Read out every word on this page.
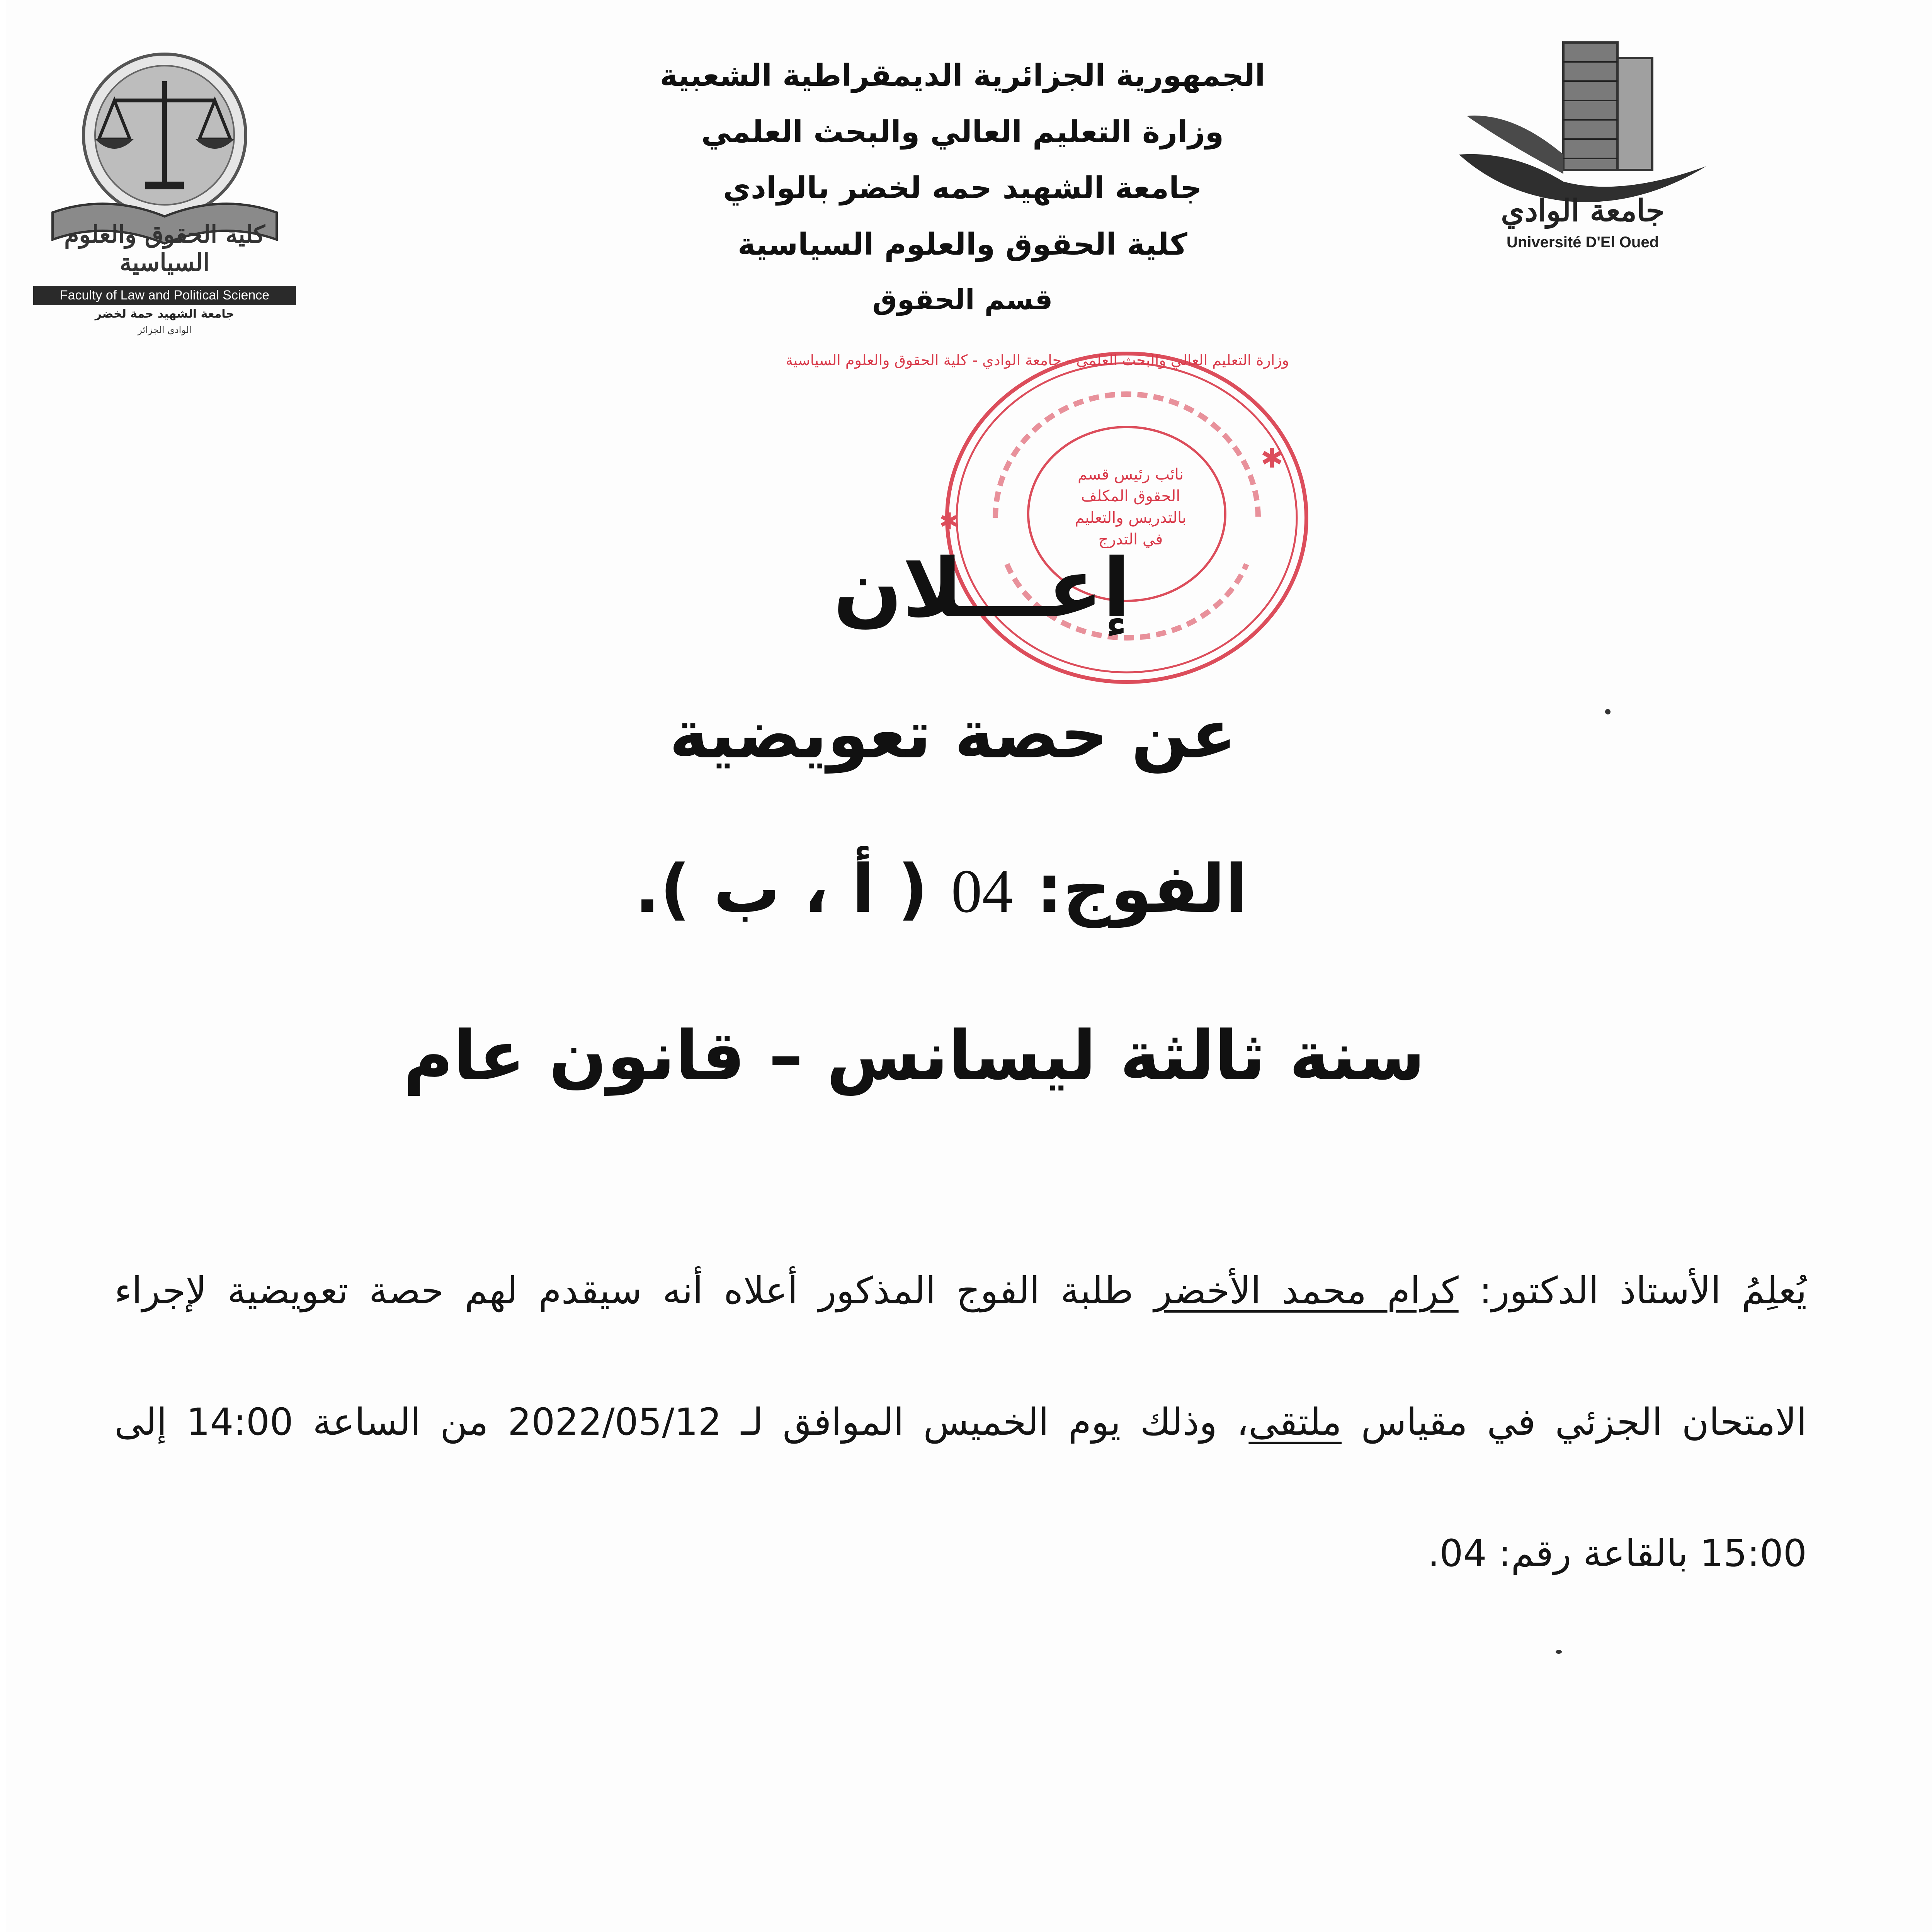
الجمهورية الجزائرية الديمقراطية الشعبية
وزارة التعليم العالي والبحث العلمي
جامعة الشهيد حمه لخضر بالوادي
كلية الحقوق والعلوم السياسية
قسم الحقوق
كلية الحقوق والعلوم السياسية
Faculty of Law and Political Science
جامعة الشهيد حمة لخضر
الوادي الجزائر
جامعة الوادي
Université D'El Oued
✱
✱
نائب رئيس قسم
الحقوق المكلف
بالتدريس والتعليم
في التدرج
وزارة التعليم العالي والبحث العلمي - جامعة الوادي - كلية الحقوق والعلوم السياسية
إعـــلان
عن حصة تعويضية
الفوج: 04 ( أ ، ب ).
سنة ثالثة ليسانس – قانون عام
يُعلِمُ الأستاذ الدكتور: كرام محمد الأخضر طلبة الفوج المذكور أعلاه أنه سيقدم لهم حصة تعويضية لإجراء الامتحان الجزئي في مقياس ملتقى، وذلك يوم الخميس الموافق لـ 2022/05/12 من الساعة 14:00 إلى 15:00 بالقاعة رقم: 04.
